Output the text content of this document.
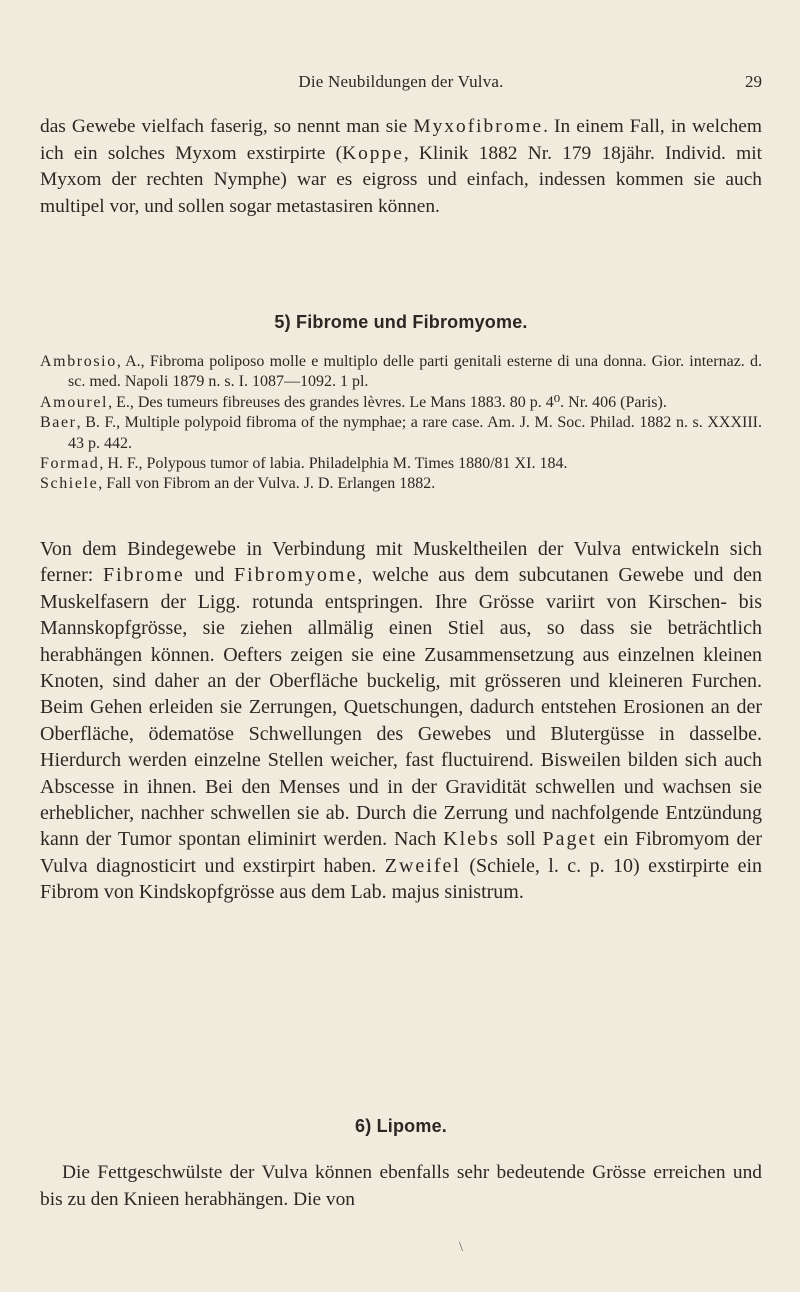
Die Neubildungen der Vulva.	29
das Gewebe vielfach faserig, so nennt man sie Myxofibrome. In einem Fall, in welchem ich ein solches Myxom exstirpirte (Koppe, Klinik 1882 Nr. 179 18jähr. Individ. mit Myxom der rechten Nymphe) war es eigross und einfach, indessen kommen sie auch multipel vor, und sollen sogar metastasiren können.
5) Fibrome und Fibromyome.
Ambrosio, A., Fibroma poliposo molle e multiplo delle parti genitali esterne di una donna. Gior. internaz. d. sc. med. Napoli 1879 n. s. I. 1087—1092. 1 pl.
Amourel, E., Des tumeurs fibreuses des grandes lèvres. Le Mans 1883. 80 p. 4⁰. Nr. 406 (Paris).
Baer, B. F., Multiple polypoid fibroma of the nymphae; a rare case. Am. J. M. Soc. Philad. 1882 n. s. XXXIII. 43 p. 442.
Formad, H. F., Polypous tumor of labia. Philadelphia M. Times 1880/81 XI. 184.
Schiele, Fall von Fibrom an der Vulva. J. D. Erlangen 1882.
Von dem Bindegewebe in Verbindung mit Muskeltheilen der Vulva entwickeln sich ferner: Fibrome und Fibromyome, welche aus dem subcutanen Gewebe und den Muskelfasern der Ligg. rotunda entspringen. Ihre Grösse variirt von Kirschen- bis Mannskopfgrösse, sie ziehen allmälig einen Stiel aus, so dass sie beträchtlich herabhängen können. Oefters zeigen sie eine Zusammensetzung aus einzelnen kleinen Knoten, sind daher an der Oberfläche buckelig, mit grösseren und kleineren Furchen. Beim Gehen erleiden sie Zerrungen, Quetschungen, dadurch entstehen Erosionen an der Oberfläche, ödematöse Schwellungen des Gewebes und Blutergüsse in dasselbe. Hierdurch werden einzelne Stellen weicher, fast fluctuirend. Bisweilen bilden sich auch Abscesse in ihnen. Bei den Menses und in der Gravidität schwellen und wachsen sie erheblicher, nachher schwellen sie ab. Durch die Zerrung und nachfolgende Entzündung kann der Tumor spontan eliminirt werden. Nach Klebs soll Paget ein Fibromyom der Vulva diagnosticirt und exstirpirt haben. Zweifel (Schiele, l. c. p. 10) exstirpirte ein Fibrom von Kindskopfgrösse aus dem Lab. majus sinistrum.
6) Lipome.
Die Fettgeschwülste der Vulva können ebenfalls sehr bedeutende Grösse erreichen und bis zu den Knieen herabhängen. Die von
\
